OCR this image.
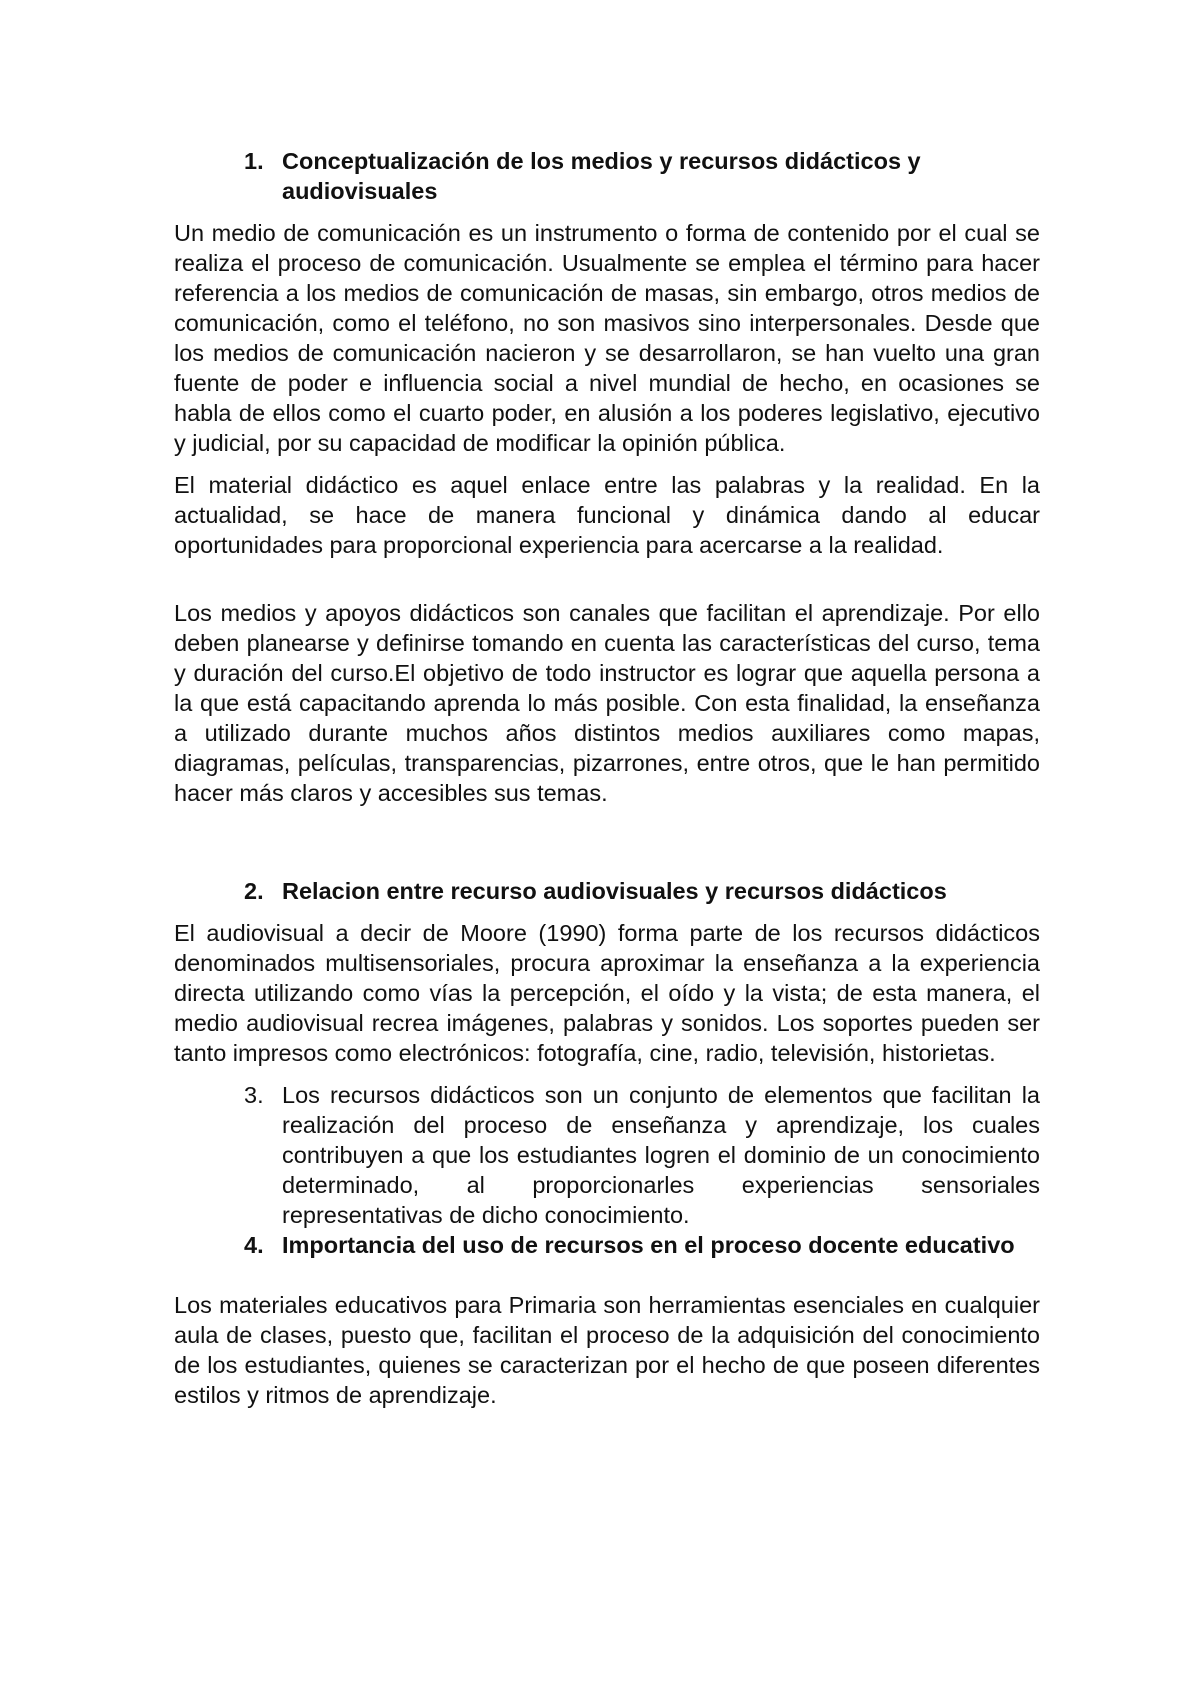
1. Conceptualización de los medios y recursos didácticos y audiovisuales

Un medio de comunicación es un instrumento o forma de contenido por el cual se realiza el proceso de comunicación. Usualmente se emplea el término para hacer referencia a los medios de comunicación de masas, sin embargo, otros medios de comunicación, como el teléfono, no son masivos sino interpersonales. Desde que los medios de comunicación nacieron y se desarrollaron, se han vuelto una gran fuente de poder e influencia social a nivel mundial de hecho, en ocasiones se habla de ellos como el cuarto poder, en alusión a los poderes legislativo, ejecutivo y judicial, por su capacidad de modificar la opinión pública.

El material didáctico es aquel enlace entre las palabras y la realidad. En la actualidad, se hace de manera funcional y dinámica dando al educar oportunidades para proporcional experiencia para acercarse a la realidad.

Los medios y apoyos didácticos son canales que facilitan el aprendizaje. Por ello deben planearse y definirse tomando en cuenta las características del curso, tema y duración del curso.El objetivo de todo instructor es lograr que aquella persona a la que está capacitando aprenda lo más posible. Con esta finalidad, la enseñanza a utilizado durante muchos años distintos medios auxiliares como mapas, diagramas, películas, transparencias, pizarrones, entre otros, que le han permitido hacer más claros y accesibles sus temas.

2. Relacion entre recurso audiovisuales y recursos didácticos

El audiovisual a decir de Moore (1990) forma parte de los recursos didácticos denominados multisensoriales, procura aproximar la enseñanza a la experiencia directa utilizando como vías la percepción, el oído y la vista; de esta manera, el medio audiovisual recrea imágenes, palabras y sonidos. Los soportes pueden ser tanto impresos como electrónicos: fotografía, cine, radio, televisión, historietas.

3. Los recursos didácticos son un conjunto de elementos que facilitan la realización del proceso de enseñanza y aprendizaje, los cuales contribuyen a que los estudiantes logren el dominio de un conocimiento determinado, al proporcionarles experiencias sensoriales representativas de dicho conocimiento.
4. Importancia del uso de recursos en el proceso docente educativo

Los materiales educativos para Primaria son herramientas esenciales en cualquier aula de clases, puesto que, facilitan el proceso de la adquisición del conocimiento de los estudiantes, quienes se caracterizan por el hecho de que poseen diferentes estilos y ritmos de aprendizaje.
